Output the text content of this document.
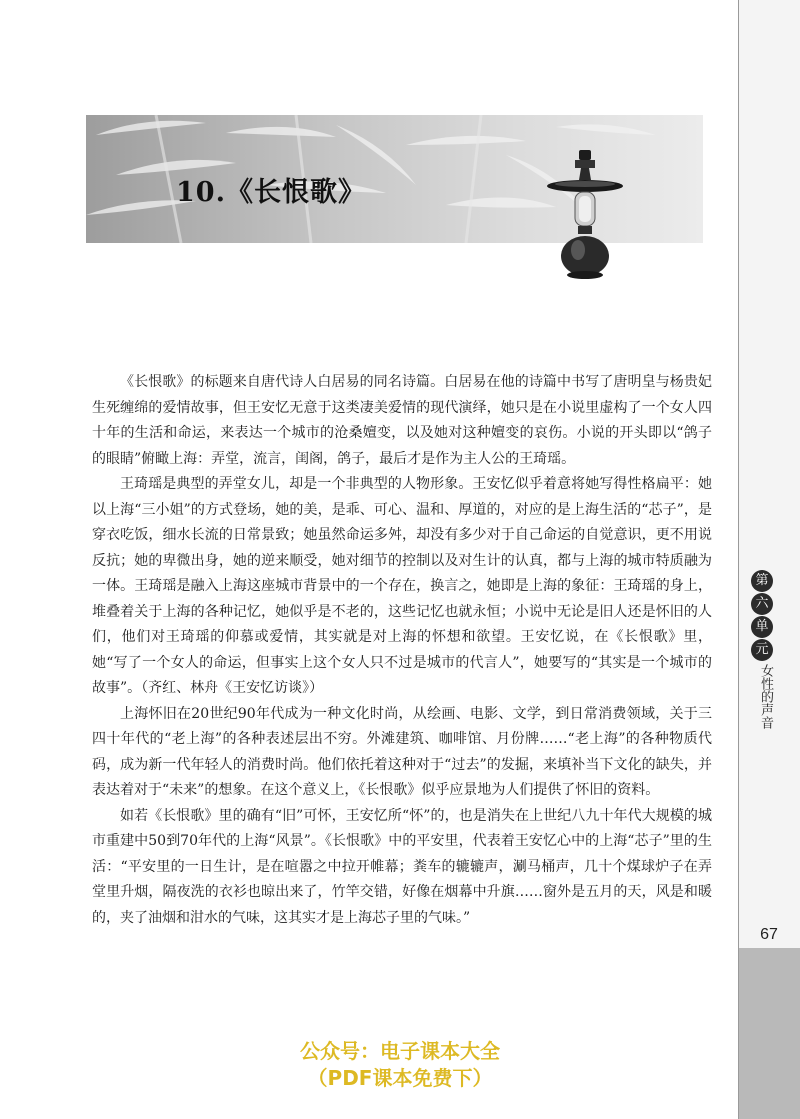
第
六
单
元
女性的声音
67
10.《长恨歌》

《长恨歌》的标题来自唐代诗人白居易的同名诗篇。白居易在他的诗篇中书写了唐明皇与杨贵妃生死缠绵的爱情故事，但王安忆无意于这类凄美爱情的现代演绎，她只是在小说里虚构了一个女人四十年的生活和命运，来表达一个城市的沧桑嬗变，以及她对这种嬗变的哀伤。小说的开头即以“鸽子的眼睛”俯瞰上海：弄堂，流言，闺阁，鸽子，最后才是作为主人公的王琦瑶。

王琦瑶是典型的弄堂女儿，却是一个非典型的人物形象。王安忆似乎着意将她写得性格扁平：她以上海“三小姐”的方式登场，她的美，是乖、可心、温和、厚道的，对应的是上海生活的“芯子”，是穿衣吃饭，细水长流的日常景致；她虽然命运多舛，却没有多少对于自己命运的自觉意识，更不用说反抗；她的卑微出身，她的逆来顺受，她对细节的控制以及对生计的认真，都与上海的城市特质融为一体。王琦瑶是融入上海这座城市背景中的一个存在，换言之，她即是上海的象征：王琦瑶的身上，堆叠着关于上海的各种记忆，她似乎是不老的，这些记忆也就永恒；小说中无论是旧人还是怀旧的人们，他们对王琦瑶的仰慕或爱情，其实就是对上海的怀想和欲望。王安忆说，在《长恨歌》里，她“写了一个女人的命运，但事实上这个女人只不过是城市的代言人”，她要写的“其实是一个城市的故事”。（齐红、林舟《王安忆访谈》）

上海怀旧在20世纪90年代成为一种文化时尚，从绘画、电影、文学，到日常消费领域，关于三四十年代的“老上海”的各种表述层出不穷。外滩建筑、咖啡馆、月份牌……“老上海”的各种物质代码，成为新一代年轻人的消费时尚。他们依托着这种对于“过去”的发掘，来填补当下文化的缺失，并表达着对于“未来”的想象。在这个意义上，《长恨歌》似乎应景地为人们提供了怀旧的资料。

如若《长恨歌》里的确有“旧”可怀，王安忆所“怀”的，也是消失在上世纪八九十年代大规模的城市重建中50到70年代的上海“风景”。《长恨歌》中的平安里，代表着王安忆心中的上海“芯子”里的生活：“平安里的一日生计，是在喧嚣之中拉开帷幕；粪车的辘辘声，涮马桶声，几十个煤球炉子在弄堂里升烟，隔夜洗的衣衫也晾出来了，竹竿交错，好像在烟幕中升旗……窗外是五月的天，风是和暖的，夹了油烟和泔水的气味，这其实才是上海芯子里的气味。”

公众号：电子课本大全
（PDF课本免费下）
